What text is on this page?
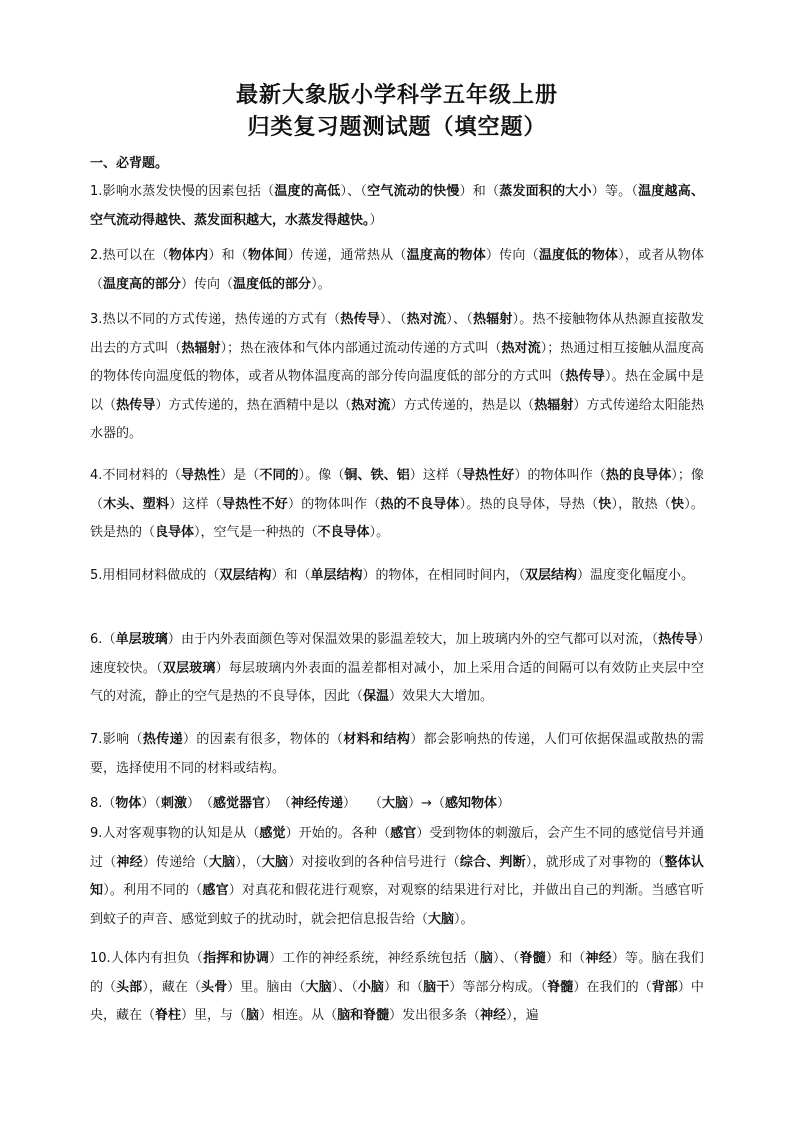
最新大象版小学科学五年级上册
归类复习题测试题（填空题）
一、必背题。
1.影响水蒸发快慢的因素包括（温度的高低）、（空气流动的快慢）和（蒸发面积的大小）等。（温度越高、空气流动得越快、蒸发面积越大，水蒸发得越快。）
2.热可以在（物体内）和（物体间）传递，通常热从（温度高的物体）传向（温度低的物体），或者从物体（温度高的部分）传向（温度低的部分）。
3.热以不同的方式传递，热传递的方式有（热传导）、（热对流）、（热辐射）。热不接触物体从热源直接散发出去的方式叫（热辐射）；热在液体和气体内部通过流动传递的方式叫（热对流）；热通过相互接触从温度高的物体传向温度低的物体，或者从物体温度高的部分传向温度低的部分的方式叫（热传导）。热在金属中是以（热传导）方式传递的，热在酒精中是以（热对流）方式传递的，热是以（热辐射）方式传递给太阳能热水器的。
4.不同材料的（导热性）是（不同的）。像（铜、铁、铝）这样（导热性好）的物体叫作（热的良导体）；像（木头、塑料）这样（导热性不好）的物体叫作（热的不良导体）。热的良导体，导热（快），散热（快）。铁是热的（良导体），空气是一种热的（不良导体）。
5.用相同材料做成的（双层结构）和（单层结构）的物体，在相同时间内，（双层结构）温度变化幅度小。
6.（单层玻璃）由于内外表面颜色等对保温效果的影温差较大，加上玻璃内外的空气都可以对流，（热传导）速度较快。（双层玻璃）每层玻璃内外表面的温差都相对减小，加上采用合适的间隔可以有效防止夹层中空气的对流，静止的空气是热的不良导体，因此（保温）效果大大增加。
7.影响（热传递）的因素有很多，物体的（材料和结构）都会影响热的传递，人们可依据保温或散热的需要，选择使用不同的材料或结构。
8.（物体）（刺激）　（感觉器官）　（神经传递）　　（大脑）→（感知物体）
9.人对客观事物的认知是从（感觉）开始的。各种（感官）受到物体的刺激后，会产生不同的感觉信号并通过（神经）传递给（大脑），（大脑）对接收到的各种信号进行（综合、判断），就形成了对事物的（整体认知）。利用不同的（感官）对真花和假花进行观察，对观察的结果进行对比，并做出自己的判渐。当感官听到蚊子的声音、感觉到蚊子的扰动时，就会把信息报告给（大脑）。
10.人体内有担负（指挥和协调）工作的神经系统，神经系统包括（脑）、（脊髓）和（神经）等。脑在我们的（头部），藏在（头骨）里。脑由（大脑）、（小脑）和（脑干）等部分构成。（脊髓）在我们的（背部）中央，藏在（脊柱）里，与（脑）相连。从（脑和脊髓）发出很多条（神经），遍
